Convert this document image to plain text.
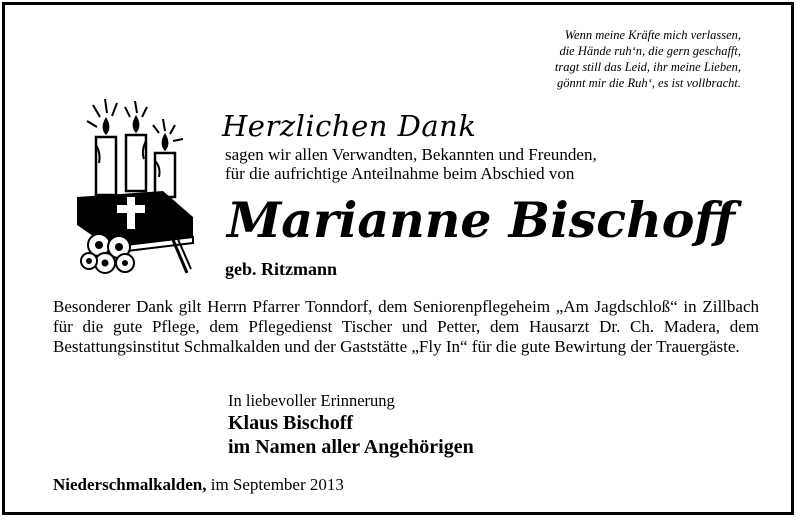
Wenn meine Kräfte mich verlassen,
die Hände ruh‘n, die gern geschafft,
tragt still das Leid, ihr meine Lieben,
gönnt mir die Ruh‘, es ist vollbracht.
Herzlichen Dank
sagen wir allen Verwandten, Bekannten und Freunden,
für die aufrichtige Anteilnahme beim Abschied von
Marianne Bischoff
geb. Ritzmann
Besonderer Dank gilt Herrn Pfarrer Tonndorf, dem Seniorenpflegeheim „Am Jagdschloß“ in Zillbach für die gute Pflege, dem Pflegedienst Tischer und Petter, dem Hausarzt Dr. Ch. Madera, dem Bestattungsinstitut Schmalkalden und der Gaststätte „Fly In“ für die gute Bewirtung der Trauergäste.
In liebevoller Erinnerung
Klaus Bischoff
im Namen aller Angehörigen
Niederschmalkalden, im September 2013
